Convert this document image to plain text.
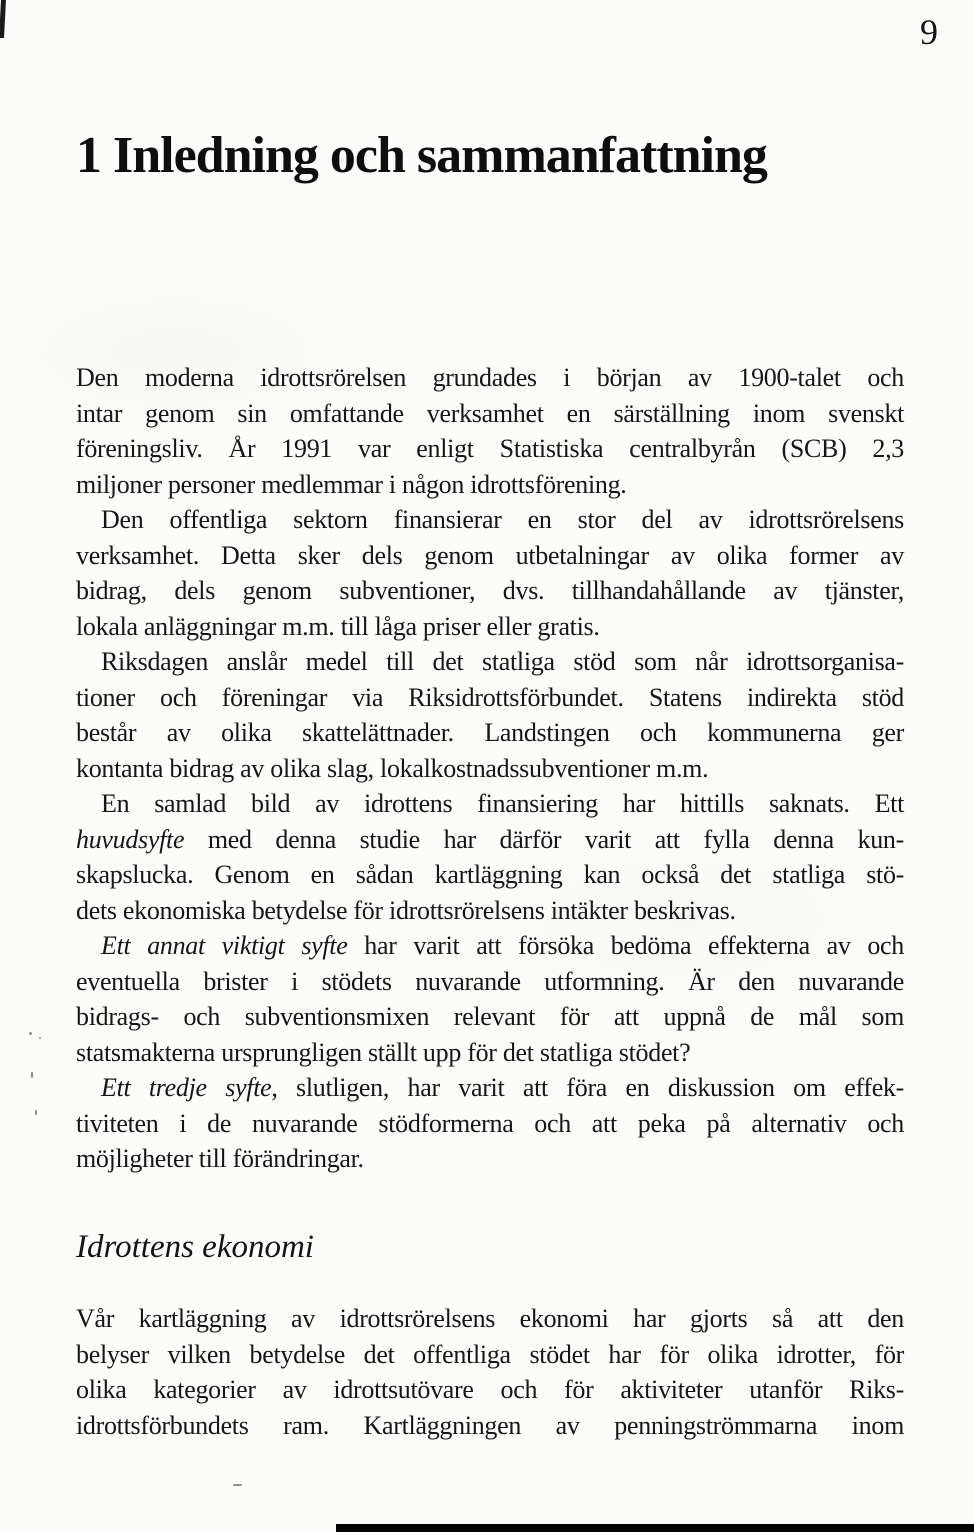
9
1 Inledning och sammanfattning
Den moderna idrottsrörelsen grundades i början av 1900-talet och
intar genom sin omfattande verksamhet en särställning inom svenskt
föreningsliv. År 1991 var enligt Statistiska centralbyrån (SCB) 2,3
miljoner personer medlemmar i någon idrottsförening.
Den offentliga sektorn finansierar en stor del av idrottsrörelsens
verksamhet. Detta sker dels genom utbetalningar av olika former av
bidrag, dels genom subventioner, dvs. tillhandahållande av tjänster,
lokala anläggningar m.m. till låga priser eller gratis.
Riksdagen anslår medel till det statliga stöd som når idrottsorganisa-
tioner och föreningar via Riksidrottsförbundet. Statens indirekta stöd
består av olika skattelättnader. Landstingen och kommunerna ger
kontanta bidrag av olika slag, lokalkostnadssubventioner m.m.
En samlad bild av idrottens finansiering har hittills saknats. Ett
huvudsyfte med denna studie har därför varit att fylla denna kun-
skapslucka. Genom en sådan kartläggning kan också det statliga stö-
dets ekonomiska betydelse för idrottsrörelsens intäkter beskrivas.
Ett annat viktigt syfte har varit att försöka bedöma effekterna av och
eventuella brister i stödets nuvarande utformning. Är den nuvarande
bidrags- och subventionsmixen relevant för att uppnå de mål som
statsmakterna ursprungligen ställt upp för det statliga stödet?
Ett tredje syfte, slutligen, har varit att föra en diskussion om effek-
tiviteten i de nuvarande stödformerna och att peka på alternativ och
möjligheter till förändringar.
Idrottens ekonomi
Vår kartläggning av idrottsrörelsens ekonomi har gjorts så att den
belyser vilken betydelse det offentliga stödet har för olika idrotter, för
olika kategorier av idrottsutövare och för aktiviteter utanför Riks-
idrottsförbundets ram. Kartläggningen av penningströmmarna inom
